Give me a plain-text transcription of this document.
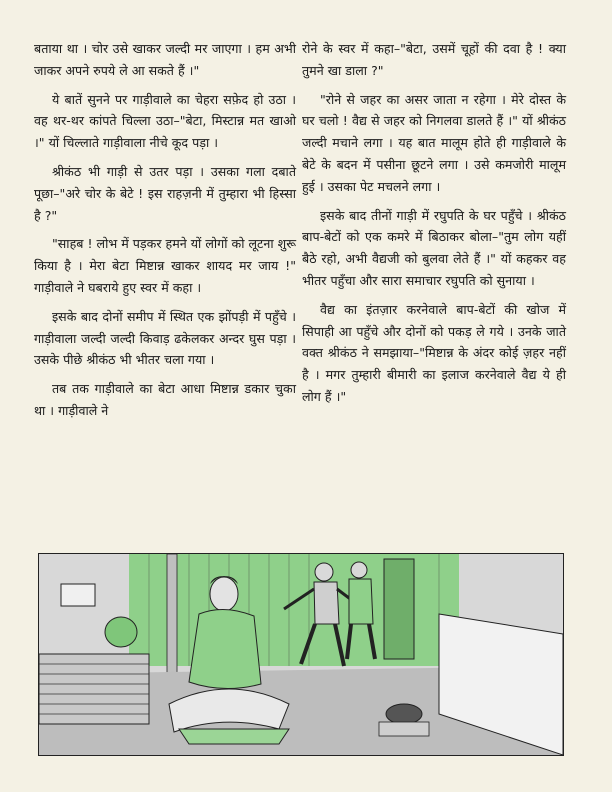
बताया था । चोर उसे खाकर जल्दी मर जाएगा । हम अभी जाकर अपने रुपये ले आ सकते हैं ।"

ये बातें सुनने पर गाड़ीवाले का चेहरा सफ़ेद हो उठा । वह थर-थर कांपते चिल्ला उठा–"बेटा, मिस्टान्न मत खाओ ।" यों चिल्लाते गाड़ीवाला नीचे कूद पड़ा ।

श्रीकंठ भी गाड़ी से उतर पड़ा । उसका गला दबाते पूछा–"अरे चोर के बेटे ! इस राहज़नी में तुम्हारा भी हिस्सा है ?"

"साहब ! लोभ में पड़कर हमने यों लोगों को लूटना शुरू किया है । मेरा बेटा मिष्टान्न खाकर शायद मर जाय !" गाड़ीवाले ने घबराये हुए स्वर में कहा ।

इसके बाद दोनों समीप में स्थित एक झोंपड़ी में पहुँचे । गाड़ीवाला जल्दी जल्दी किवाड़ ढकेलकर अन्दर घुस पड़ा । उसके पीछे श्रीकंठ भी भीतर चला गया ।

तब तक गाड़ीवाले का बेटा आधा मिष्टान्न डकार चुका था । गाड़ीवाले ने

रोने के स्वर में कहा–"बेटा, उसमें चूहों की दवा है ! क्या तुमने खा डाला ?"

"रोने से जहर का असर जाता न रहेगा । मेरे दोस्त के घर चलो ! वैद्य से जहर को निगलवा डालते हैं ।" यों श्रीकंठ जल्दी मचाने लगा । यह बात मालूम होते ही गाड़ीवाले के बेटे के बदन में पसीना छूटने लगा । उसे कमजोरी मालूम हुई । उसका पेट मचलने लगा ।

इसके बाद तीनों गाड़ी में रघुपति के घर पहुँचे । श्रीकंठ बाप-बेटों को एक कमरे में बिठाकर बोला–"तुम लोग यहीं बैठे रहो, अभी वैद्यजी को बुलवा लेते हैं ।" यों कहकर वह भीतर पहुँचा और सारा समाचार रघुपति को सुनाया ।

वैद्य का इंतज़ार करनेवाले बाप-बेटों की खोज में सिपाही आ पहुँचे और दोनों को पकड़ ले गये । उनके जाते वक्त श्रीकंठ ने समझाया–"मिष्टान्न के अंदर कोई ज़हर नहीं है । मगर तुम्हारी बीमारी का इलाज करनेवाले वैद्य ये ही लोग हैं ।"
